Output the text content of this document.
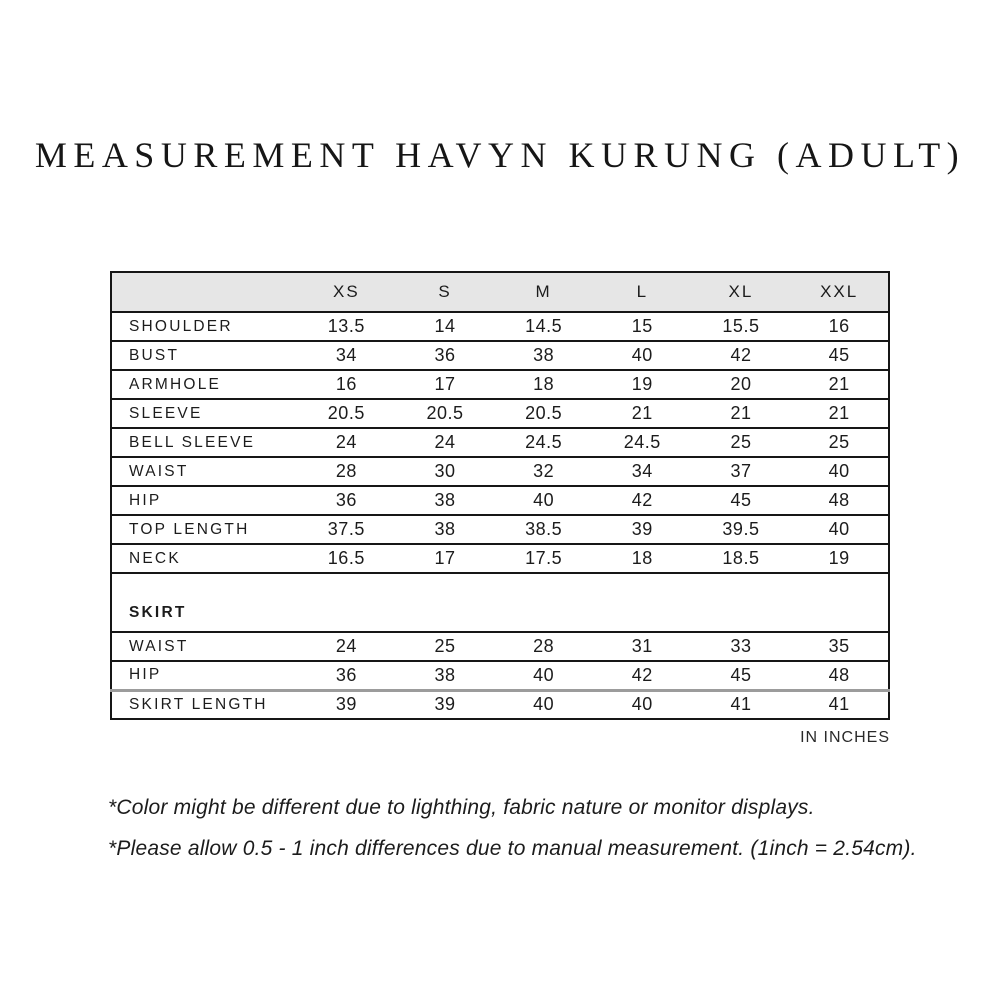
MEASUREMENT HAVYN KURUNG (ADULT)
	XS	S	M	L	XL	XXL
SHOULDER	13.5	14	14.5	15	15.5	16
BUST	34	36	38	40	42	45
ARMHOLE	16	17	18	19	20	21
SLEEVE	20.5	20.5	20.5	21	21	21
BELL SLEEVE	24	24	24.5	24.5	25	25
WAIST	28	30	32	34	37	40
HIP	36	38	40	42	45	48
TOP LENGTH	37.5	38	38.5	39	39.5	40
NECK	16.5	17	17.5	18	18.5	19
SKIRT						
WAIST	24	25	28	31	33	35
HIP	36	38	40	42	45	48
SKIRT LENGTH	39	39	40	40	41	41
IN INCHES

*Color might be different due to lighthing, fabric nature or monitor displays.

*Please allow 0.5 - 1 inch differences due to manual measurement. (1inch = 2.54cm).
